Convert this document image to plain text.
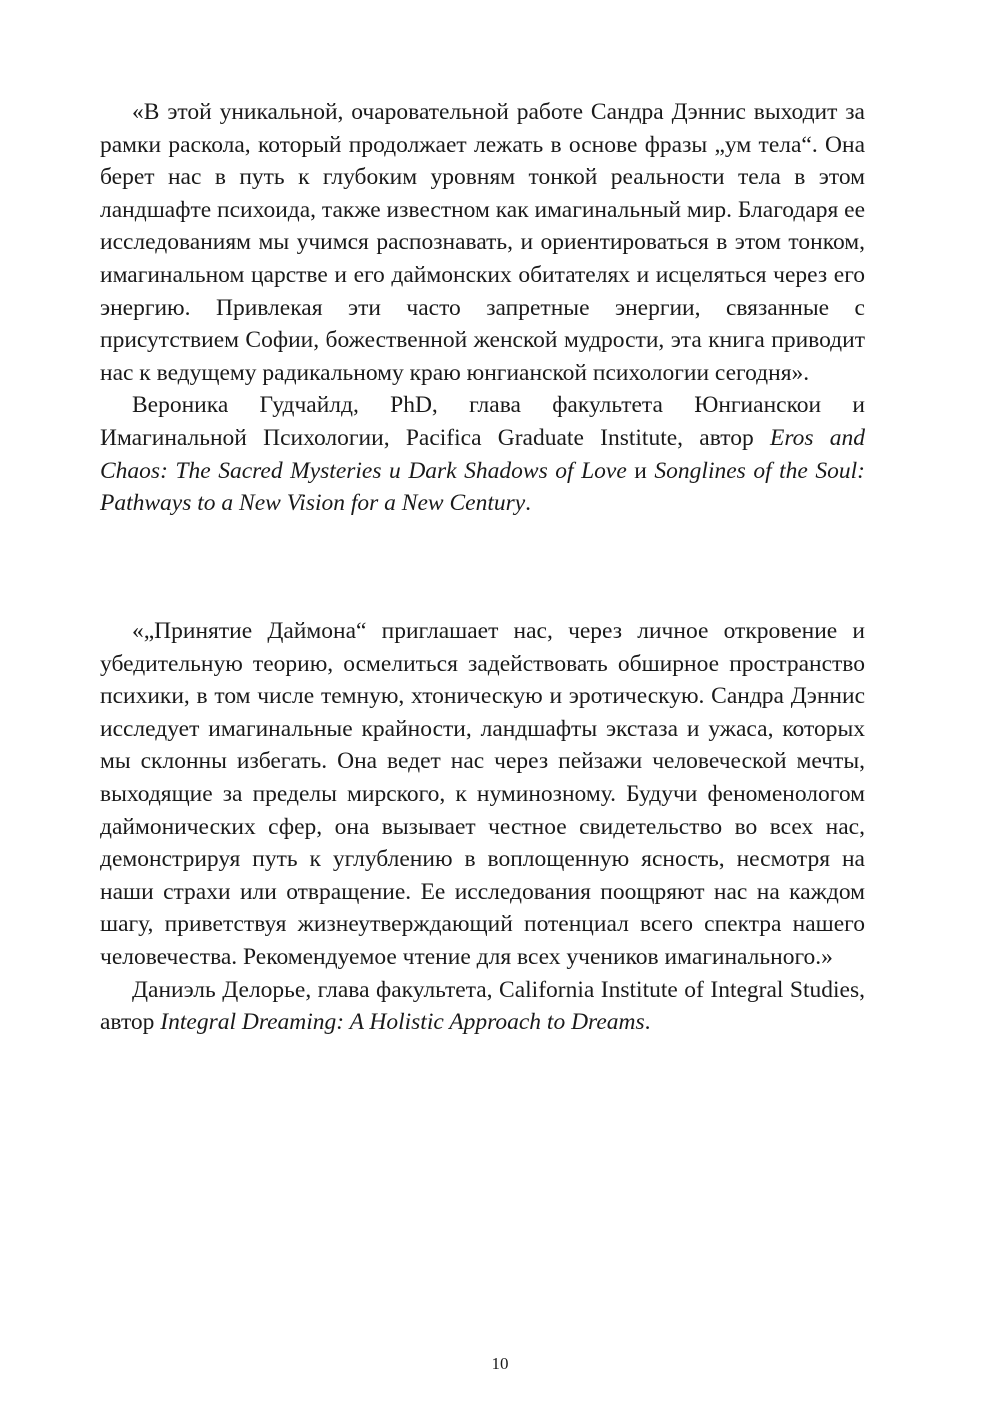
«В этой уникальной, очаровательной работе Сандра Дэннис выходит за рамки раскола, который продолжает лежать в основе фразы „ум тела“. Она берет нас в путь к глубоким уровням тонкой реальности тела в этом ландшафте психоида, также известном как имагинальный мир. Благодаря ее исследованиям мы учимся распознавать, и ориентироваться в этом тонком, имагинальном царстве и его даймонских обитателях и исцеляться через его энергию. Привлекая эти часто запретные энергии, связанные с присутствием Софии, божественной женской мудрости, эта книга приводит нас к ведущему радикальному краю юнгианской психологии сегодня».

Вероника Гудчайлд, PhD, глава факультета Юнгианскои и Имагинальной Психологии, Pacifica Graduate Institute, автор Eros and Chaos: The Sacred Mysteries и Dark Shadows of Love и Songlines of the Soul: Pathways to a New Vision for a New Century.

«„Принятие Даймона“ приглашает нас, через личное откровение и убедительную теорию, осмелиться задействовать обширное пространство психики, в том числе темную, хтоническую и эротическую. Сандра Дэннис исследует имагинальные крайности, ландшафты экстаза и ужаса, которых мы склонны избегать. Она ведет нас через пейзажи человеческой мечты, выходящие за пределы мирского, к нуминозному. Будучи феноменологом даймонических сфер, она вызывает честное свидетельство во всех нас, демонстрируя путь к углублению в воплощенную ясность, несмотря на наши страхи или отвращение. Ее исследования поощряют нас на каждом шагу, приветствуя жизнеутверждающий потенциал всего спектра нашего человечества. Рекомендуемое чтение для всех учеников имагинального.»

Даниэль Делорье, глава факультета, California Institute of Integral Studies, автор Integral Dreaming: A Holistic Approach to Dreams.

10
